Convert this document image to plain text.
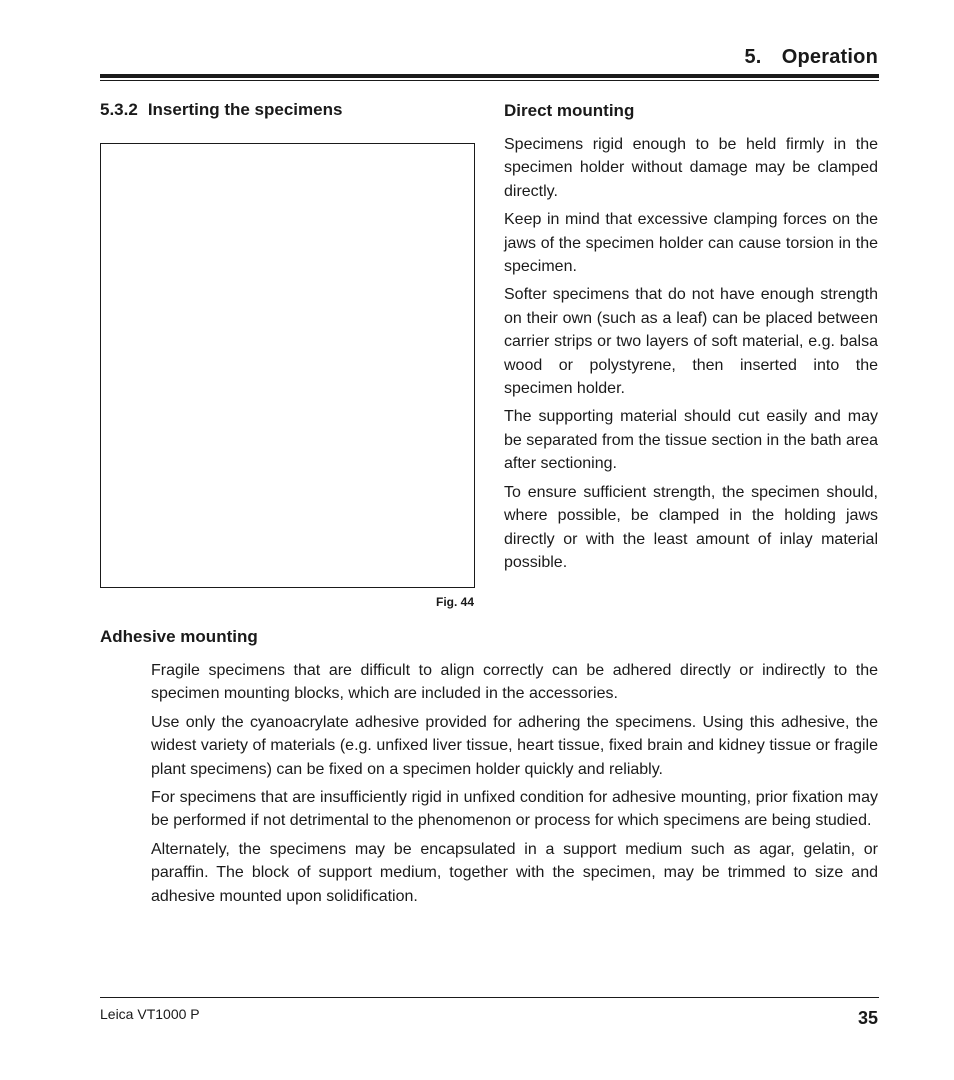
5. Operation
5.3.2 Inserting the specimens
Fig. 44
Direct mounting

Specimens rigid enough to be held firmly in the specimen holder without damage may be clamped directly.

Keep in mind that excessive clamping forces on the jaws of the specimen holder can cause torsion in the specimen.

Softer specimens that do not have enough strength on their own (such as a leaf) can be placed between carrier strips or two layers of soft material, e.g. balsa wood or polystyrene, then inserted into the specimen holder.

The supporting material should cut easily and may be separated from the tissue section in the bath area after sectioning.

To ensure sufficient strength, the specimen should, where possible, be clamped in the holding jaws directly or with the least amount of inlay material possible.

Adhesive mounting

Fragile specimens that are difficult to align correctly can be adhered directly or indirectly to the specimen mounting blocks, which are included in the accessories.

Use only the cyanoacrylate adhesive provided for adhering the specimens. Using this adhesive, the widest variety of materials (e.g. unfixed liver tissue, heart tissue, fixed brain and kidney tissue or fragile plant specimens) can be fixed on a specimen holder quickly and reliably.

For specimens that are insufficiently rigid in unfixed condition for adhesive mounting, prior fixation may be performed if not detrimental to the phenomenon or process for which specimens are being studied.

Alternately, the specimens may be encapsulated in a support medium such as agar, gelatin, or paraffin. The block of support medium, together with the specimen, may be trimmed to size and adhesive mounted upon solidification.

Leica VT1000 P	35
